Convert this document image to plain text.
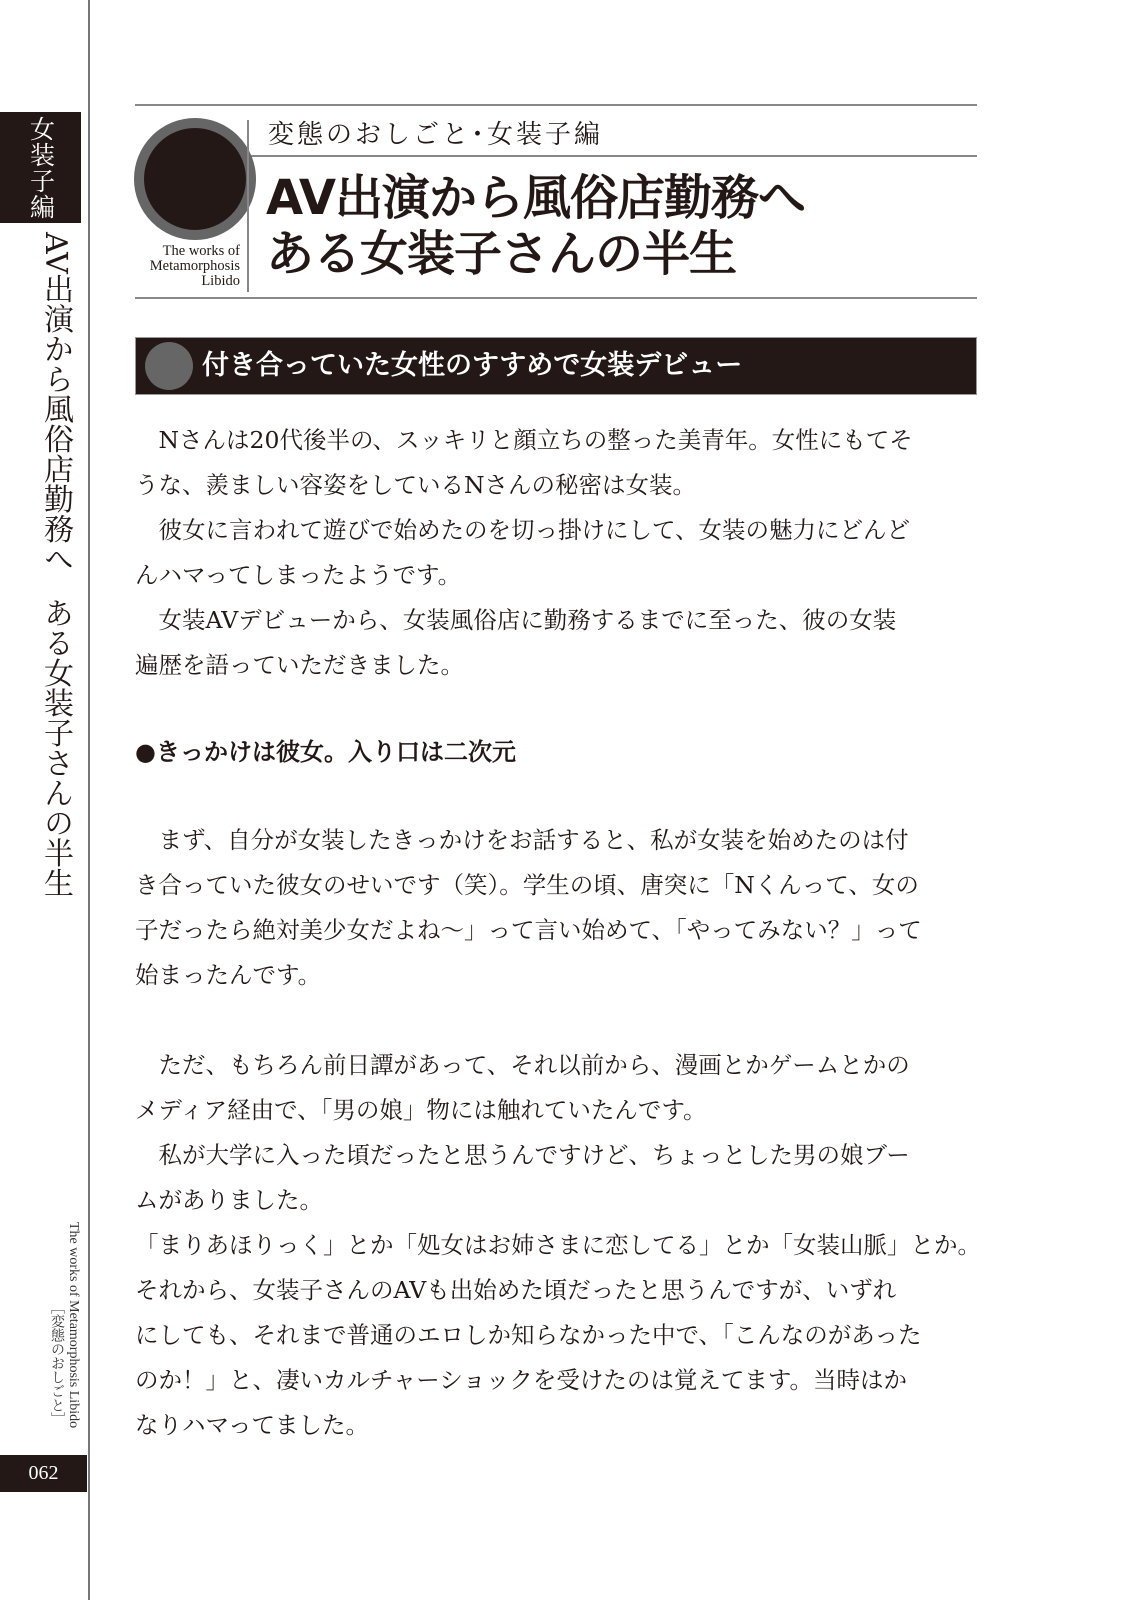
女装子編
AV出演から風俗店勤務へある女装子さんの半生
The works of Metamorphosis Libido
［変態のおしごと］
062
The works of
Metamorphosis
Libido
変態のおしごと･女装子編
AV出演から風俗店勤務へ
ある女装子さんの半生
付き合っていた女性のすすめで女装デビュー
　Nさんは20代後半の、スッキリと顔立ちの整った美青年。女性にもてそ
うな、羨ましい容姿をしているNさんの秘密は女装。
　彼女に言われて遊びで始めたのを切っ掛けにして、女装の魅力にどんど
んハマってしまったようです。
　女装AVデビューから、女装風俗店に勤務するまでに至った、彼の女装
遍歴を語っていただきました。
●きっかけは彼女。入り口は二次元
　まず、自分が女装したきっかけをお話すると、私が女装を始めたのは付
き合っていた彼女のせいです（笑）。学生の頃、唐突に「Nくんって、女の
子だったら絶対美少女だよね～」って言い始めて、「やってみない？」って
始まったんです。
　ただ、もちろん前日譚があって、それ以前から、漫画とかゲームとかの
メディア経由で、「男の娘」物には触れていたんです。
　私が大学に入った頃だったと思うんですけど、ちょっとした男の娘ブー
ムがありました。
「まりあほりっく」とか「処女はお姉さまに恋してる」とか「女装山脈」とか。
それから、女装子さんのAVも出始めた頃だったと思うんですが、いずれ
にしても、それまで普通のエロしか知らなかった中で、「こんなのがあった
のか！」と、凄いカルチャーショックを受けたのは覚えてます。当時はか
なりハマってました。
